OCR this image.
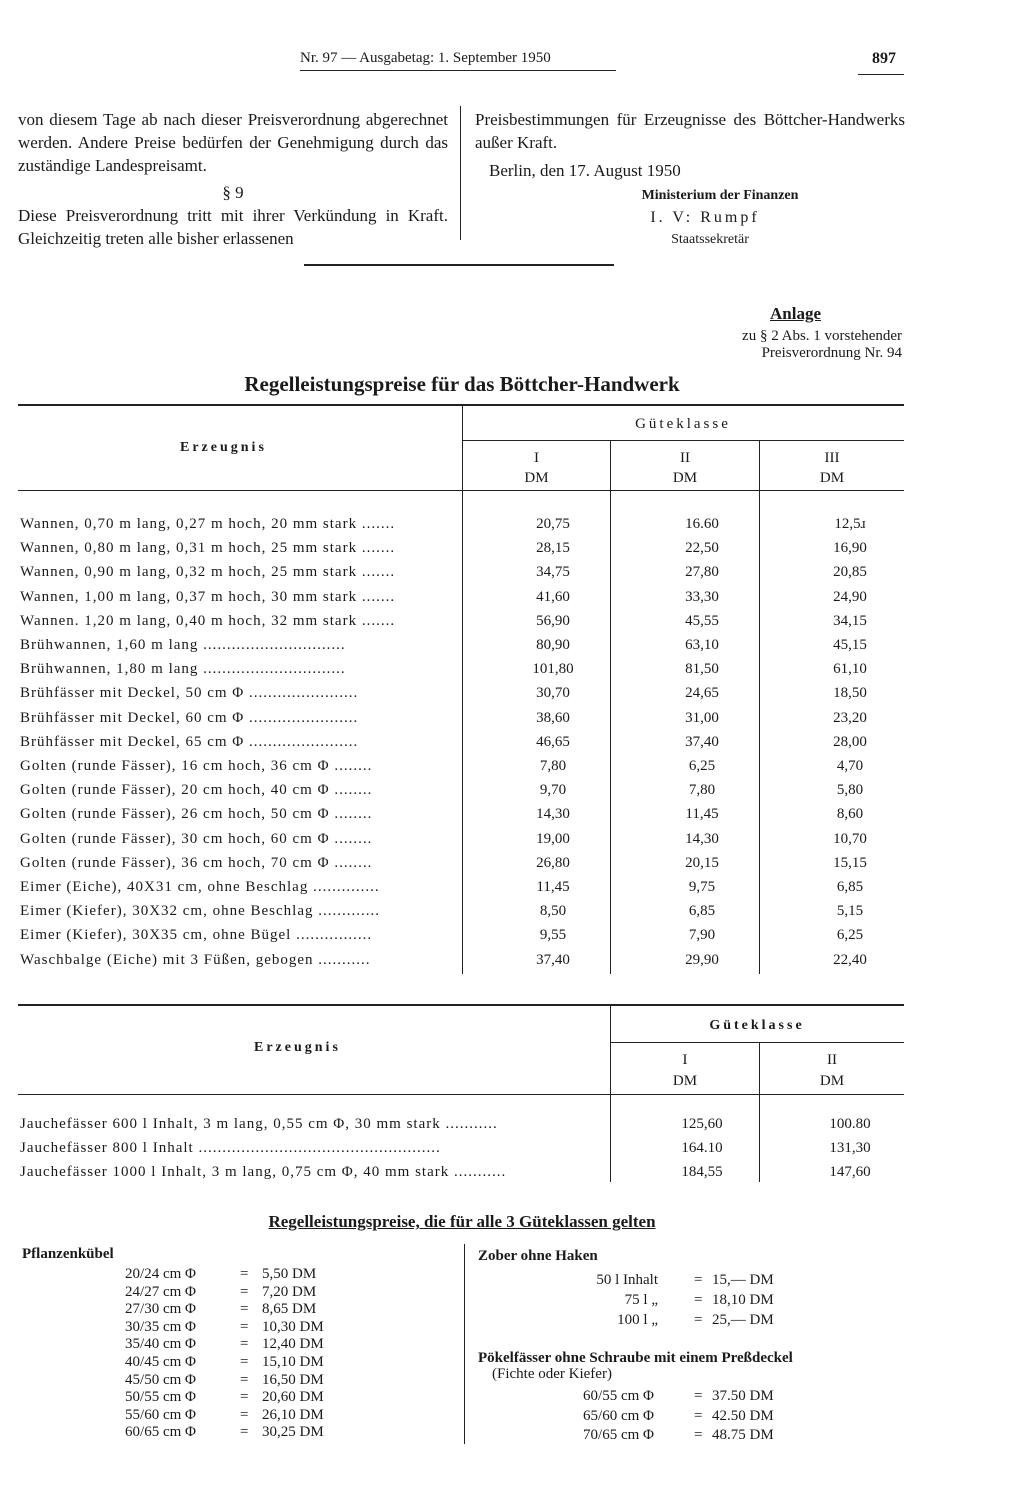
Nr. 97 — Ausgabetag: 1. September 1950	897

von diesem Tage ab nach dieser Preisverordnung abgerechnet werden. Andere Preise bedürfen der Genehmigung durch das zuständige Landespreisamt.

§ 9

Diese Preisverordnung tritt mit ihrer Verkündung in Kraft. Gleichzeitig treten alle bisher erlassenen

Preisbestimmungen für Erzeugnisse des Böttcher-Handwerks außer Kraft.

Berlin, den 17. August 1950

Ministerium der Finanzen

I. V: Rumpf

Staatssekretär

Anlage
zu § 2 Abs. 1 vorstehender
Preisverordnung Nr. 94
Regelleistungspreise für das Böttcher-Handwerk
Erzeugnis
Güteklasse
I
DM
II
DM
III
DM
Wannen, 0,70 m lang, 0,27 m hoch, 20 mm stark .......	20,75	16.60	12,5ɹ
Wannen, 0,80 m lang, 0,31 m hoch, 25 mm stark .......	28,15	22,50	16,90
Wannen, 0,90 m lang, 0,32 m hoch, 25 mm stark .......	34,75	27,80	20,85
Wannen, 1,00 m lang, 0,37 m hoch, 30 mm stark .......	41,60	33,30	24,90
Wannen. 1,20 m lang, 0,40 m hoch, 32 mm stark .......	56,90	45,55	34,15
Brühwannen, 1,60 m lang ..............................	80,90	63,10	45,15
Brühwannen, 1,80 m lang ..............................	101,80	81,50	61,10
Brühfässer mit Deckel, 50 cm Φ .......................	30,70	24,65	18,50
Brühfässer mit Deckel, 60 cm Φ .......................	38,60	31,00	23,20
Brühfässer mit Deckel, 65 cm Φ .......................	46,65	37,40	28,00
Golten (runde Fässer), 16 cm hoch, 36 cm Φ ........	7,80	6,25	4,70
Golten (runde Fässer), 20 cm hoch, 40 cm Φ ........	9,70	7,80	5,80
Golten (runde Fässer), 26 cm hoch, 50 cm Φ ........	14,30	11,45	8,60
Golten (runde Fässer), 30 cm hoch, 60 cm Φ ........	19,00	14,30	10,70
Golten (runde Fässer), 36 cm hoch, 70 cm Φ ........	26,80	20,15	15,15
Eimer (Eiche), 40X31 cm, ohne Beschlag ..............	11,45	9,75	6,85
Eimer (Kiefer), 30X32 cm, ohne Beschlag .............	8,50	6,85	5,15
Eimer (Kiefer), 30X35 cm, ohne Bügel ................	9,55	7,90	6,25
Waschbalge (Eiche) mit 3 Füßen, gebogen ...........	37,40	29,90	22,40
Erzeugnis
Güteklasse
I
DM
II
DM
Jauchefässer 600 l Inhalt, 3 m lang, 0,55 cm Φ, 30 mm stark ...........	125,60	100.80
Jauchefässer 800 l Inhalt ...................................................	164.10	131,30
Jauchefässer 1000 l Inhalt, 3 m lang, 0,75 cm Φ, 40 mm stark ...........	184,55	147,60
Regelleistungspreise, die für alle 3 Güteklassen gelten
Pflanzenkübel
20/24 cm Φ	= 5,50 DM
24/27 cm Φ	= 7,20 DM
27/30 cm Φ	= 8,65 DM
30/35 cm Φ	= 10,30 DM
35/40 cm Φ	= 12,40 DM
40/45 cm Φ	= 15,10 DM
45/50 cm Φ	= 16,50 DM
50/55 cm Φ	= 20,60 DM
55/60 cm Φ	= 26,10 DM
60/65 cm Φ	= 30,25 DM
Zober ohne Haken
50 l Inhalt = 15,— DM
75 l „ = 18,10 DM
100 l „ = 25,— DM
Pökelfässer ohne Schraube mit einem Preßdeckel
(Fichte oder Kiefer)
60/55 cm Φ	= 37.50 DM
65/60 cm Φ	= 42.50 DM
70/65 cm Φ	= 48.75 DM
